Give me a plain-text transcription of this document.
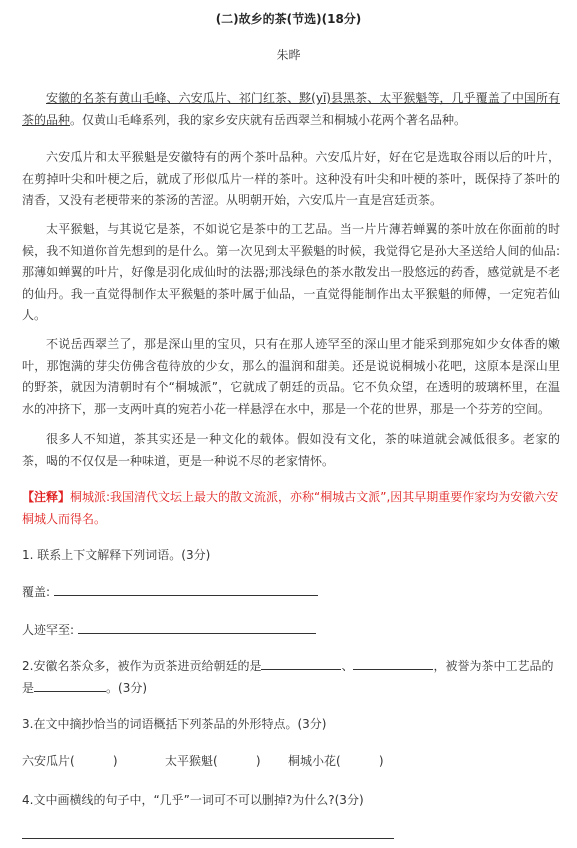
(二)故乡的茶(节选)(18分)
朱晔

安徽的名茶有黄山毛峰、六安瓜片、祁门红茶、黟(yī)县黑茶、太平猴魁等，几乎覆盖了中国所有茶的品种。仅黄山毛峰系列，我的家乡安庆就有岳西翠兰和桐城小花两个著名品种。

六安瓜片和太平猴魁是安徽特有的两个茶叶品种。六安瓜片好，好在它是选取谷雨以后的叶片，在剪掉叶尖和叶梗之后，就成了形似瓜片一样的茶叶。这种没有叶尖和叶梗的茶叶，既保持了茶叶的清香，又没有老梗带来的茶汤的苦涩。从明朝开始，六安瓜片一直是宫廷贡茶。

太平猴魁，与其说它是茶，不如说它是茶中的工艺品。当一片片薄若蝉翼的茶叶放在你面前的时候，我不知道你首先想到的是什么。第一次见到太平猴魁的时候，我觉得它是孙大圣送给人间的仙品:那薄如蝉翼的叶片，好像是羽化成仙时的法器;那浅绿色的茶水散发出一股悠远的药香，感觉就是不老的仙丹。我一直觉得制作太平猴魁的茶叶属于仙品，一直觉得能制作出太平猴魁的师傅，一定宛若仙人。

不说岳西翠兰了，那是深山里的宝贝，只有在那人迹罕至的深山里才能采到那宛如少女体香的嫩叶，那饱满的芽尖仿佛含苞待放的少女，那么的温润和甜美。还是说说桐城小花吧，这原本是深山里的野茶，就因为清朝时有个“桐城派”，它就成了朝廷的贡品。它不负众望，在透明的玻璃杯里，在温水的冲挤下，那一支两叶真的宛若小花一样悬浮在水中，那是一个花的世界，那是一个芬芳的空间。

很多人不知道，茶其实还是一种文化的载体。假如没有文化，茶的味道就会减低很多。老家的茶，喝的不仅仅是一种味道，更是一种说不尽的老家情怀。

【注释】桐城派:我国清代文坛上最大的散文流派，亦称“桐城古文派”,因其早期重要作家均为安徽六安桐城人而得名。

1. 联系上下文解释下列词语。(3分)

覆盖:

人迹罕至:

2.安徽名茶众多，被作为贡茶进贡给朝廷的是	、	，被誉为茶中工艺品的是	。(3分)

3.在文中摘抄恰当的词语概括下列茶品的外形特点。(3分)

六安瓜片(          )	太平猴魁(          ) 桐城小花(          )

4.文中画横线的句子中，“几乎”一词可不可以删掉?为什么?(3分)
